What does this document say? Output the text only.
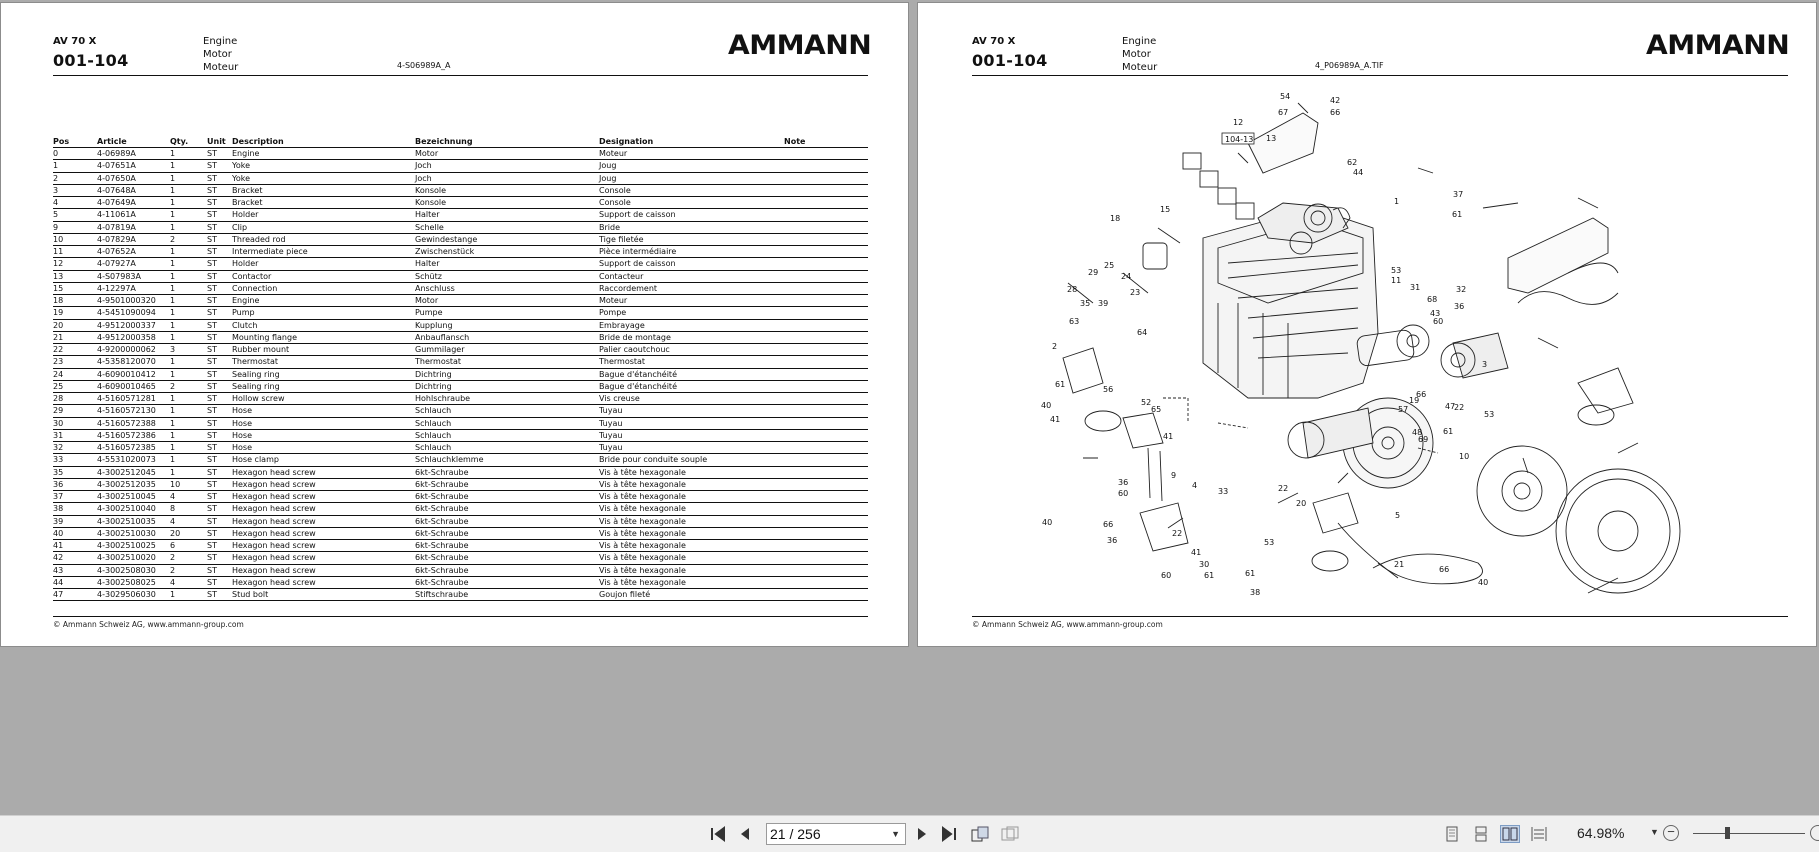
AV 70 X
001-104
Engine
Motor
Moteur	4-S06989A_A
AMMANN
Pos	Article	Qty. Unit Description	Bezeichnung	Designation	Note
0	4-06989A	1	ST Engine	Motor	Moteur
1	4-07651A	1	ST Yoke	Joch	Joug
2	4-07650A	1	ST Yoke	Joch	Joug
3	4-07648A	1	ST Bracket	Konsole	Console
4	4-07649A	1	ST Bracket	Konsole	Console
5	4-11061A	1	ST Holder	Halter	Support de caisson
9	4-07819A	1	ST Clip	Schelle	Bride
10	4-07829A	2	ST Threaded rod	Gewindestange	Tige filetée
11	4-07652A	1	ST Intermediate piece	Zwischenstück	Pièce intermédiaire
12	4-07927A	1	ST Holder	Halter	Support de caisson
13	4-S07983A	1	ST Contactor	Schütz	Contacteur
15	4-12297A	1	ST Connection	Anschluss	Raccordement
18	4-9501000320 1	ST Engine	Motor	Moteur
19	4-5451090094 1	ST Pump	Pumpe	Pompe
20	4-9512000337 1	ST Clutch	Kupplung	Embrayage
21	4-9512000358 1	ST Mounting flange	Anbauflansch	Bride de montage
22	4-9200000062 3	ST Rubber mount	Gummilager	Palier caoutchouc
23	4-5358120070 1	ST Thermostat	Thermostat	Thermostat
24	4-6090010412 1	ST Sealing ring	Dichtring	Bague d'étanchéité
25	4-6090010465 2	ST Sealing ring	Dichtring	Bague d'étanchéité
28	4-5160571281 1	ST Hollow screw	Hohlschraube	Vis creuse
29	4-5160572130 1	ST Hose	Schlauch	Tuyau
30	4-5160572388 1	ST Hose	Schlauch	Tuyau
31	4-5160572386 1	ST Hose	Schlauch	Tuyau
32	4-5160572385 1	ST Hose	Schlauch	Tuyau
33	4-5531020073 1	ST Hose clamp	Schlauchklemme	Bride pour conduite souple
35	4-3002512045 1	ST Hexagon head screw	6kt-Schraube	Vis à tête hexagonale
36	4-3002512035 10	ST Hexagon head screw	6kt-Schraube	Vis à tête hexagonale
37	4-3002510045 4	ST Hexagon head screw	6kt-Schraube	Vis à tête hexagonale
38	4-3002510040 8	ST Hexagon head screw	6kt-Schraube	Vis à tête hexagonale
39	4-3002510035 4	ST Hexagon head screw	6kt-Schraube	Vis à tête hexagonale
40	4-3002510030 20	ST Hexagon head screw	6kt-Schraube	Vis à tête hexagonale
41	4-3002510025 6	ST Hexagon head screw	6kt-Schraube	Vis à tête hexagonale
42	4-3002510020 2	ST Hexagon head screw	6kt-Schraube	Vis à tête hexagonale
43	4-3002508030 2	ST Hexagon head screw	6kt-Schraube	Vis à tête hexagonale
44	4-3002508025 4	ST Hexagon head screw	6kt-Schraube	Vis à tête hexagonale
47	4-3029506030 1	ST Stud bolt	Stiftschraube	Goujon fileté
© Ammann Schweiz AG, www.ammann-group.com
AV 70 X
001-104
Engine
Motor
Moteur	4_P06989A_A.TIF
AMMANN
104-13
54	42
66
67
12
13
62
44
15
18
37
1
61
25
29	24
23
28
64
53
11
31	32
35 39
63
68
43
36
60
2
61
56
52
65
3
40
41
19
66
57	47
22
61
53
48
69
41
10
9
36
60
4
33
20
22
5
66
40
36
60
22
41
61
53
30
61
38
21
66
40
© Ammann Schweiz AG, www.ammann-group.com
21 / 256	▼	64.98%	▼ −
